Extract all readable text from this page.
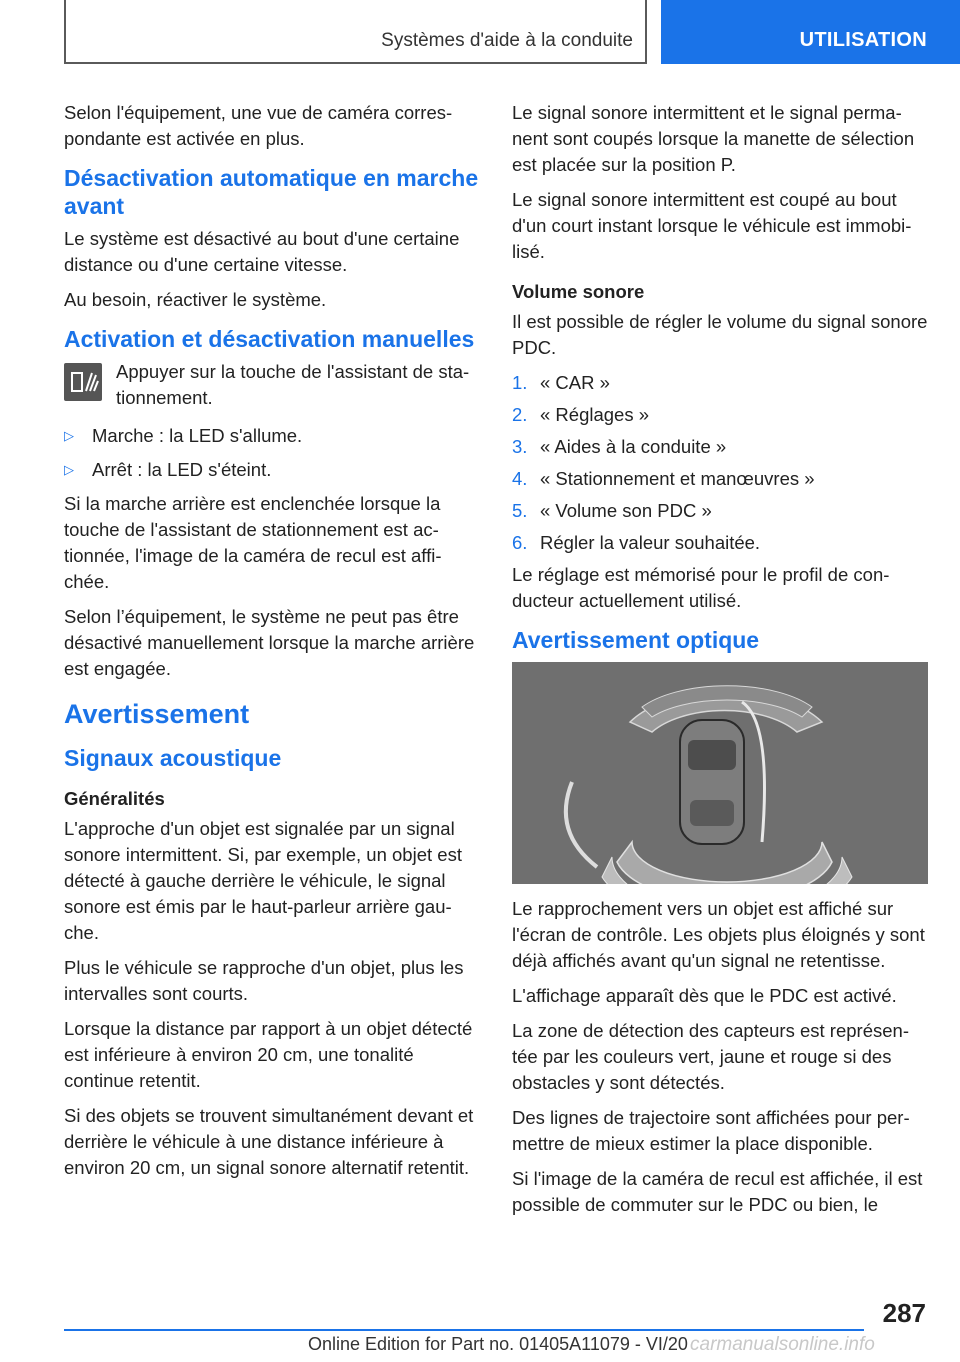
Systèmes d'aide à la conduite	UTILISATION

Selon l'équipement, une vue de caméra correspondante est activée en plus.

Désactivation automatique en marche avant

Le système est désactivé au bout d'une certaine distance ou d'une certaine vitesse.

Au besoin, réactiver le système.

Activation et désactivation manuelles

Appuyer sur la touche de l'assistant de stationnement.

▷ Marche : la LED s'allume.

▷ Arrêt : la LED s'éteint.

Si la marche arrière est enclenchée lorsque la touche de l'assistant de stationnement est actionnée, l'image de la caméra de recul est affichée.

Selon l’équipement, le système ne peut pas être désactivé manuellement lorsque la marche arrière est engagée.

Avertissement
Signaux acoustique
Généralités

L'approche d'un objet est signalée par un signal sonore intermittent. Si, par exemple, un objet est détecté à gauche derrière le véhicule, le signal sonore est émis par le haut-parleur arrière gauche.

Plus le véhicule se rapproche d'un objet, plus les intervalles sont courts.

Lorsque la distance par rapport à un objet détecté est inférieure à environ 20 cm, une tonalité continue retentit.

Si des objets se trouvent simultanément devant et derrière le véhicule à une distance inférieure à environ 20 cm, un signal sonore alternatif retentit.

Le signal sonore intermittent et le signal permanent sont coupés lorsque la manette de sélection est placée sur la position P.

Le signal sonore intermittent est coupé au bout d'un court instant lorsque le véhicule est immobilisé.

Volume sonore

Il est possible de régler le volume du signal sonore PDC.

1. « CAR »

2. « Réglages »

3. « Aides à la conduite »

4. « Stationnement et manœuvres »

5. « Volume son PDC »

6. Régler la valeur souhaitée.

Le réglage est mémorisé pour le profil de conducteur actuellement utilisé.

Avertissement optique

Le rapprochement vers un objet est affiché sur l'écran de contrôle. Les objets plus éloignés y sont déjà affichés avant qu'un signal ne retentisse.

L'affichage apparaît dès que le PDC est activé.

La zone de détection des capteurs est représentée par les couleurs vert, jaune et rouge si des obstacles y sont détectés.

Des lignes de trajectoire sont affichées pour permettre de mieux estimer la place disponible.

Si l'image de la caméra de recul est affichée, il est possible de commuter sur le PDC ou bien, le

287
Online Edition for Part no. 01405A11079 - VI/20 carmanualsonline.info
